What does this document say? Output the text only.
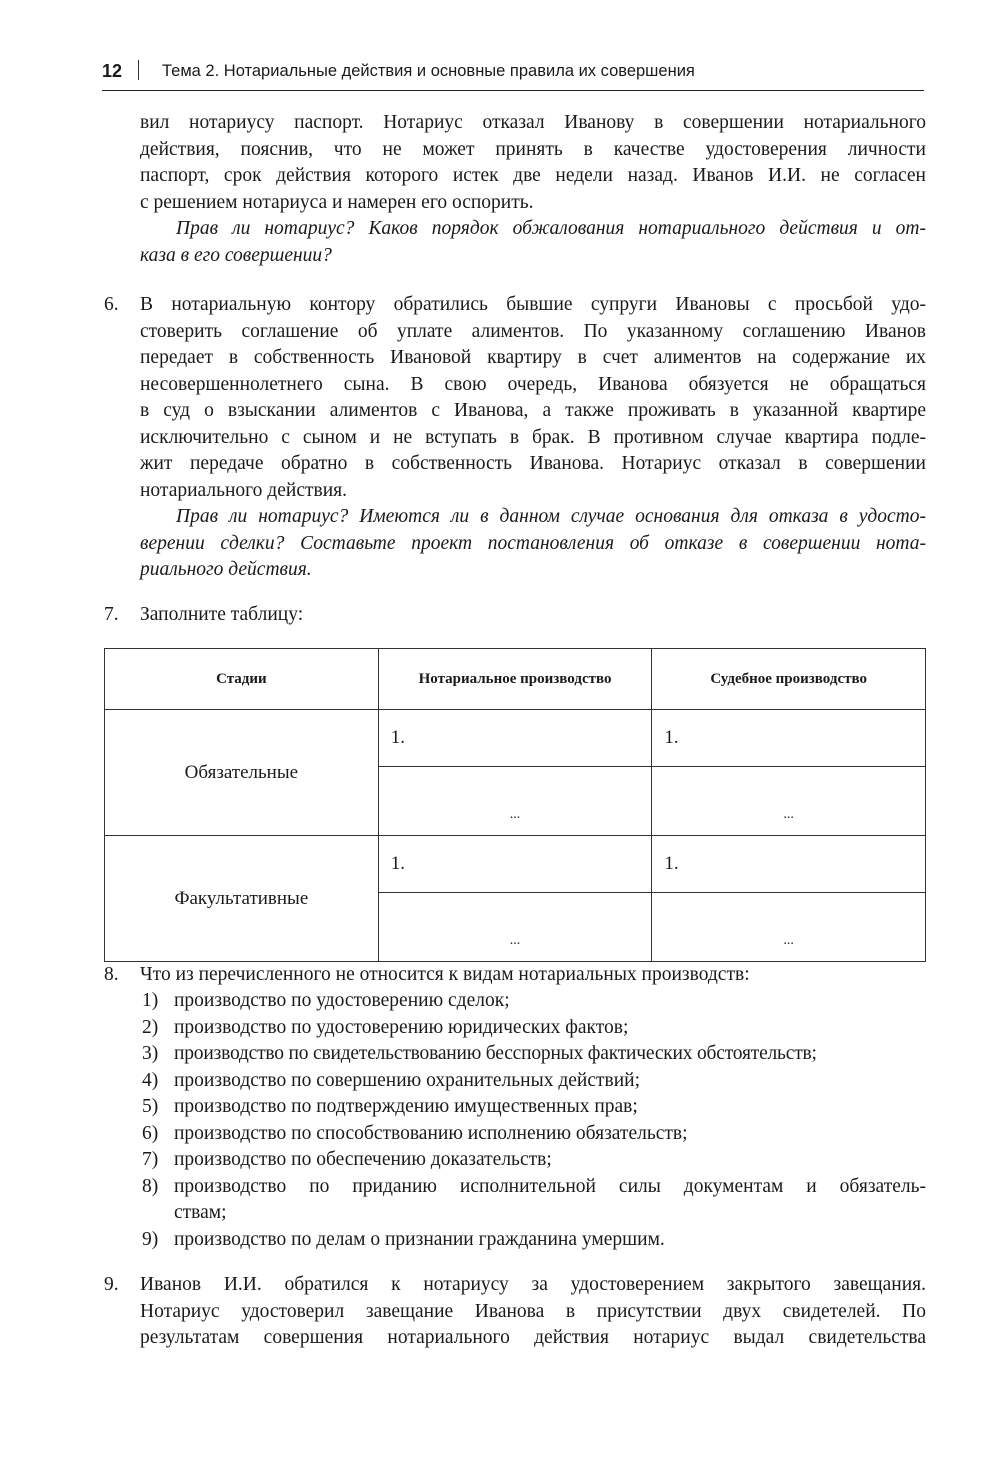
12 Тема 2. Нотариальные действия и основные правила их совершения
вил нотариусу паспорт. Нотариус отказал Иванову в совершении нотариального
действия, пояснив, что не может принять в качестве удостоверения личности
паспорт, срок действия которого истек две недели назад. Иванов И.И. не согласен
с решением нотариуса и намерен его оспорить.
Прав ли нотариус? Каков порядок обжалования нотариального действия и от-
каза в его совершении?
6. В нотариальную контору обратились бывшие супруги Ивановы с просьбой удо-
стоверить соглашение об уплате алиментов. По указанному соглашению Иванов
передает в собственность Ивановой квартиру в счет алиментов на содержание их
несовершеннолетнего сына. В свою очередь, Иванова обязуется не обращаться
в суд о взыскании алиментов с Иванова, а также проживать в указанной квартире
исключительно с сыном и не вступать в брак. В противном случае квартира подле-
жит передаче обратно в собственность Иванова. Нотариус отказал в совершении
нотариального действия.
Прав ли нотариус? Имеются ли в данном случае основания для отказа в удосто-
верении сделки? Составьте проект постановления об отказе в совершении нота-
риального действия.
7. Заполните таблицу:
Стадии	Нотариальное производство	Судебное производство
Обязательные	1.	1.
	...	...
Факультативные	1.	1.
	...	...
8. Что из перечисленного не относится к видам нотариальных производств:
1) производство по удостоверению сделок;
2) производство по удостоверению юридических фактов;
3) производство по свидетельствованию бесспорных фактических обстоятельств;
4) производство по совершению охранительных действий;
5) производство по подтверждению имущественных прав;
6) производство по способствованию исполнению обязательств;
7) производство по обеспечению доказательств;
8) производство по приданию исполнительной силы документам и обязатель-
ствам;
9) производство по делам о признании гражданина умершим.
9. Иванов И.И. обратился к нотариусу за удостоверением закрытого завещания.
Нотариус удостоверил завещание Иванова в присутствии двух свидетелей. По
результатам совершения нотариального действия нотариус выдал свидетельства
